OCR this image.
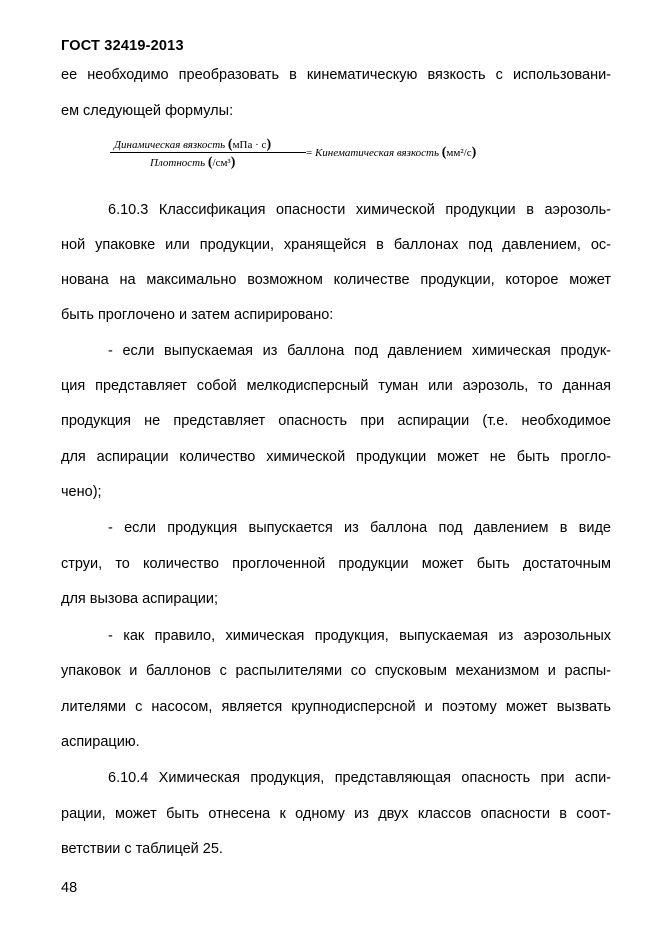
ГОСТ 32419-2013
ее необходимо преобразовать в кинематическую вязкость с использовани-
ем следующей формулы:
Динамическая вязкость (мПа · с)
Плотность (/см³)
= Кинематическая вязкость (мм²/с)
6.10.3 Классификация опасности химической продукции в аэрозоль-
ной упаковке или продукции, хранящейся в баллонах под давлением, ос-
нована на максимально возможном количестве продукции, которое может
быть проглочено и затем аспирировано:
- если выпускаемая из баллона под давлением химическая продук-
ция представляет собой мелкодисперсный туман или аэрозоль, то данная
продукция не представляет опасность при аспирации (т.е. необходимое
для аспирации количество химической продукции может не быть прогло-
чено);
- если продукция выпускается из баллона под давлением в виде
струи, то количество проглоченной продукции может быть достаточным
для вызова аспирации;
- как правило, химическая продукция, выпускаемая из аэрозольных
упаковок и баллонов с распылителями со спусковым механизмом и распы-
лителями с насосом, является крупнодисперсной и поэтому может вызвать
аспирацию.
6.10.4 Химическая продукция, представляющая опасность при аспи-
рации, может быть отнесена к одному из двух классов опасности в соот-
ветствии с таблицей 25.
48
